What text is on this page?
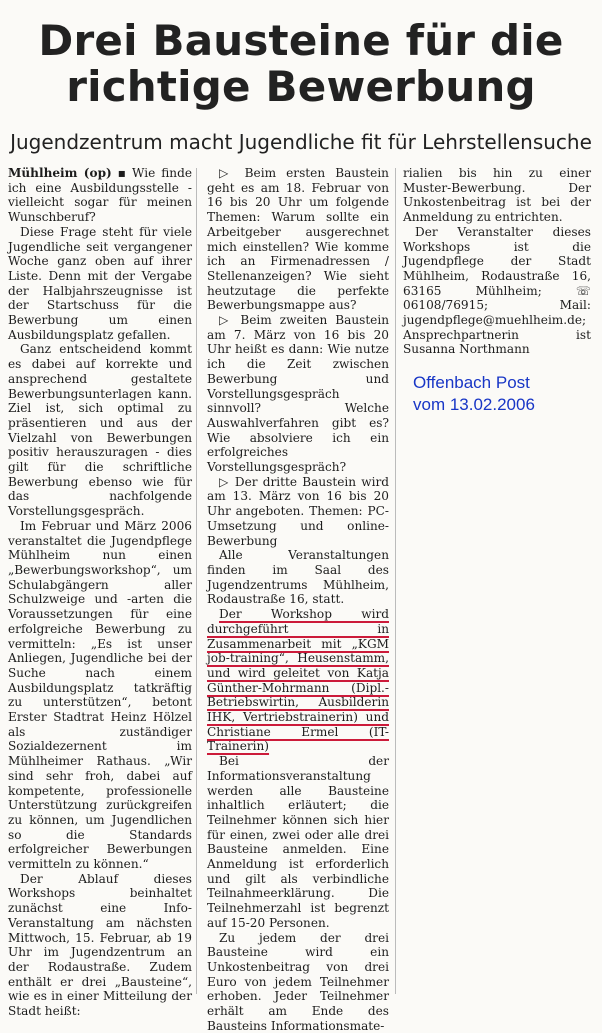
Drei Bausteine für die
richtige Bewerbung
Jugendzentrum macht Jugendliche fit für Lehrstellensuche

Mühlheim (op) ▪ Wie finde ich eine Ausbildungsstelle - vielleicht sogar für meinen Wunschberuf?

Diese Frage steht für viele Jugendliche seit vergangener Woche ganz oben auf ihrer Liste. Denn mit der Vergabe der Halbjahrszeugnisse ist der Startschuss für die Bewerbung um einen Ausbildungsplatz gefallen.

Ganz entscheidend kommt es dabei auf korrekte und ansprechend gestaltete Bewerbungsunterlagen kann. Ziel ist, sich optimal zu präsentieren und aus der Vielzahl von Bewerbungen positiv herauszuragen - dies gilt für die schriftliche Bewerbung ebenso wie für das nachfolgende Vorstellungsgespräch.

Im Februar und März 2006 veranstaltet die Jugendpflege Mühlheim nun einen „Bewerbungsworkshop“, um Schulabgängern aller Schulzweige und -arten die Voraussetzungen für eine erfolgreiche Bewerbung zu vermitteln: „Es ist unser Anliegen, Jugendliche bei der Suche nach einem Ausbildungsplatz tatkräftig zu unterstützen“, betont Erster Stadtrat Heinz Hölzel als zuständiger Sozialdezernent im Mühlheimer Rathaus. „Wir sind sehr froh, dabei auf kompetente, professionelle Unterstützung zurückgreifen zu können, um Jugendlichen so die Standards erfolgreicher Bewerbungen vermitteln zu können.“

Der Ablauf dieses Workshops beinhaltet zunächst eine Info-Veranstaltung am nächsten Mittwoch, 15. Februar, ab 19 Uhr im Jugendzentrum an der Rodaustraße. Zudem enthält er drei „Bausteine“, wie es in einer Mitteilung der Stadt heißt:

▷ Beim ersten Baustein geht es am 18. Februar von 16 bis 20 Uhr um folgende Themen: Warum sollte ein Arbeitgeber ausgerechnet mich einstellen? Wie komme ich an Firmenadressen / Stellenanzeigen? Wie sieht heutzutage die perfekte Bewerbungsmappe aus?

▷ Beim zweiten Baustein am 7. März von 16 bis 20 Uhr heißt es dann: Wie nutze ich die Zeit zwischen Bewerbung und Vorstellungsgespräch sinnvoll? Welche Auswahlverfahren gibt es? Wie absolviere ich ein erfolgreiches Vorstellungsgespräch?

▷ Der dritte Baustein wird am 13. März von 16 bis 20 Uhr angeboten. Themen: PC-Umsetzung und online-Bewerbung

Alle Veranstaltungen finden im Saal des Jugendzentrums Mühlheim, Rodaustraße 16, statt.

Der Workshop wird durchgeführt in Zusammenarbeit mit „KGM job-training“, Heusenstamm, und wird geleitet von Katja Günther-Mohrmann (Dipl.-Betriebswirtin, Ausbilderin IHK, Vertriebstrainerin) und Christiane Ermel (IT-Trainerin)

Bei der Informationsveranstaltung werden alle Bausteine inhaltlich erläutert; die Teilnehmer können sich hier für einen, zwei oder alle drei Bausteine anmelden. Eine Anmeldung ist erforderlich und gilt als verbindliche Teilnahmeerklärung. Die Teilnehmerzahl ist begrenzt auf 15-20 Personen.

Zu jedem der drei Bausteine wird ein Unkostenbeitrag von drei Euro von jedem Teilnehmer erhoben. Jeder Teilnehmer erhält am Ende des Bausteins Informationsmate-

rialien bis hin zu einer Muster-Bewerbung. Der Unkostenbeitrag ist bei der Anmeldung zu entrichten.

Der Veranstalter dieses Workshops ist die Jugendpflege der Stadt Mühlheim, Rodaustraße 16, 63165 Mühlheim; ☏ 06108/76915; Mail: jugendpflege@muehlheim.de; Ansprechpartnerin ist Susanna Northmann

Offenbach Post
vom 13.02.2006
